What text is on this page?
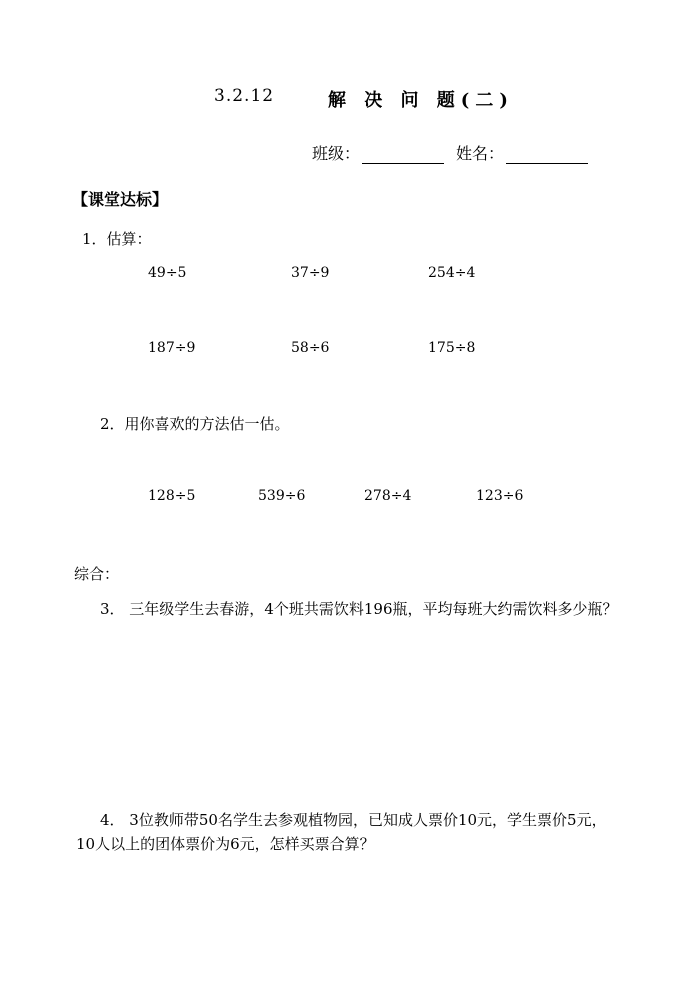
3.2.12	解 决 问 题(二)
班级：	姓名：
【课堂达标】
1．估算：
49÷5	37÷9	254÷4
187÷9	58÷6	175÷8
2．用你喜欢的方法估一估。
128÷5	539÷6	278÷4	123÷6
综合：
3． 三年级学生去春游，4个班共需饮料196瓶，平均每班大约需饮料多少瓶？
4． 3位教师带50名学生去参观植物园，已知成人票价10元，学生票价5元，10人以上的团体票价为6元，怎样买票合算？
